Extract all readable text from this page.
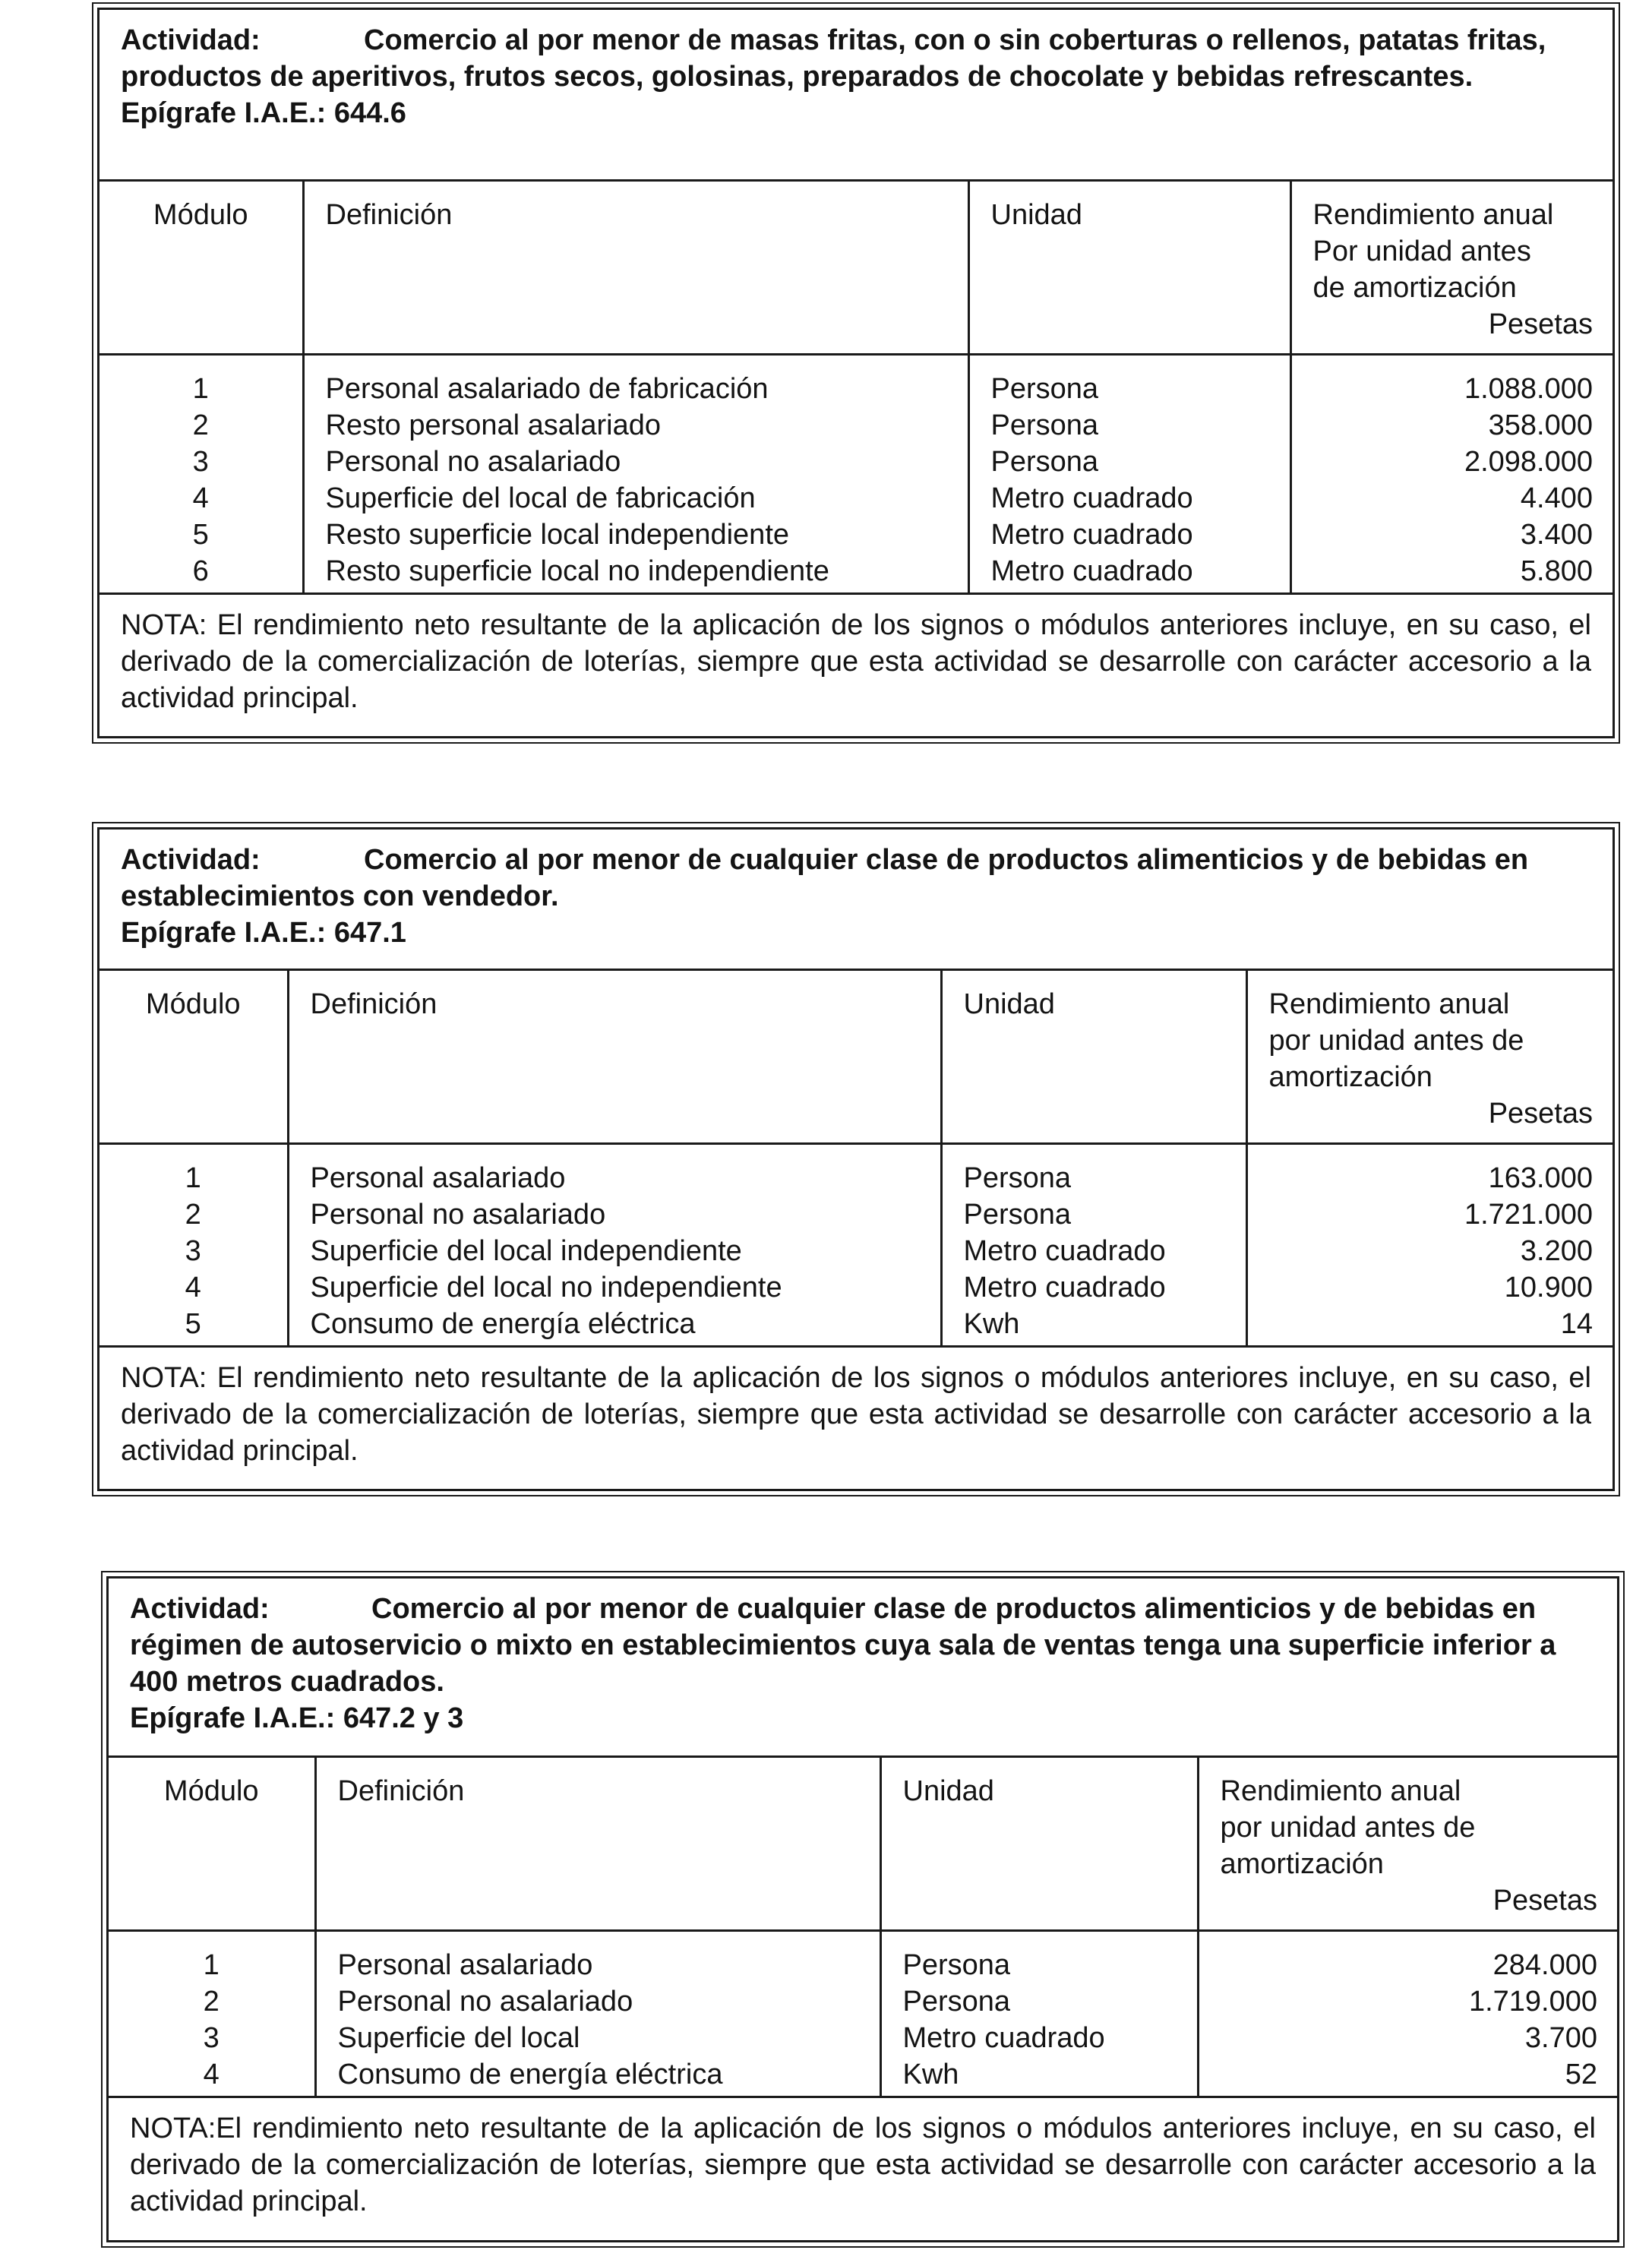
Actividad:	Comercio al por menor de masas fritas, con o sin coberturas o rellenos, patatas fritas, productos de aperitivos, frutos secos, golosinas, preparados de chocolate y bebidas refrescantes.
Epígrafe I.A.E.: 644.6
Módulo	Definición	Unidad	Rendimiento anual
Por unidad antes
de amortización
Pesetas

1	Personal asalariado de fabricación	Persona	1.088.000
2	Resto personal asalariado	Persona	358.000
3	Personal no asalariado	Persona	2.098.000
4	Superficie del local de fabricación	Metro cuadrado	4.400
5	Resto superficie local independiente	Metro cuadrado	3.400
6	Resto superficie local no independiente	Metro cuadrado	5.800
NOTA: El rendimiento neto resultante de la aplicación de los signos o módulos anteriores incluye, en su caso, el derivado de la comercialización de loterías, siempre que esta actividad se desarrolle con carácter accesorio a la actividad principal.
Actividad:	Comercio al por menor de cualquier clase de productos alimenticios y de bebidas en establecimientos con vendedor.
Epígrafe I.A.E.: 647.1
Módulo	Definición	Unidad	Rendimiento anual
por unidad antes de
amortización
Pesetas

1	Personal asalariado	Persona	163.000
2	Personal no asalariado	Persona	1.721.000
3	Superficie del local independiente	Metro cuadrado	3.200
4	Superficie del local no independiente	Metro cuadrado	10.900
5	Consumo de energía eléctrica	Kwh	14
NOTA: El rendimiento neto resultante de la aplicación de los signos o módulos anteriores incluye, en su caso, el derivado de la comercialización de loterías, siempre que esta actividad se desarrolle con carácter accesorio a la actividad principal.
Actividad:	Comercio al por menor de cualquier clase de productos alimenticios y de bebidas en régimen de autoservicio o mixto en establecimientos cuya sala de ventas tenga una superficie inferior a 400 metros cuadrados.
Epígrafe I.A.E.: 647.2 y 3
Módulo	Definición	Unidad	Rendimiento anual
por unidad antes de
amortización
Pesetas

1	Personal asalariado	Persona	284.000
2	Personal no asalariado	Persona	1.719.000
3	Superficie del local	Metro cuadrado	3.700
4	Consumo de energía eléctrica	Kwh	52
NOTA:El rendimiento neto resultante de la aplicación de los signos o módulos anteriores incluye, en su caso, el derivado de la comercialización de loterías, siempre que esta actividad se desarrolle con carácter accesorio a la actividad principal.
